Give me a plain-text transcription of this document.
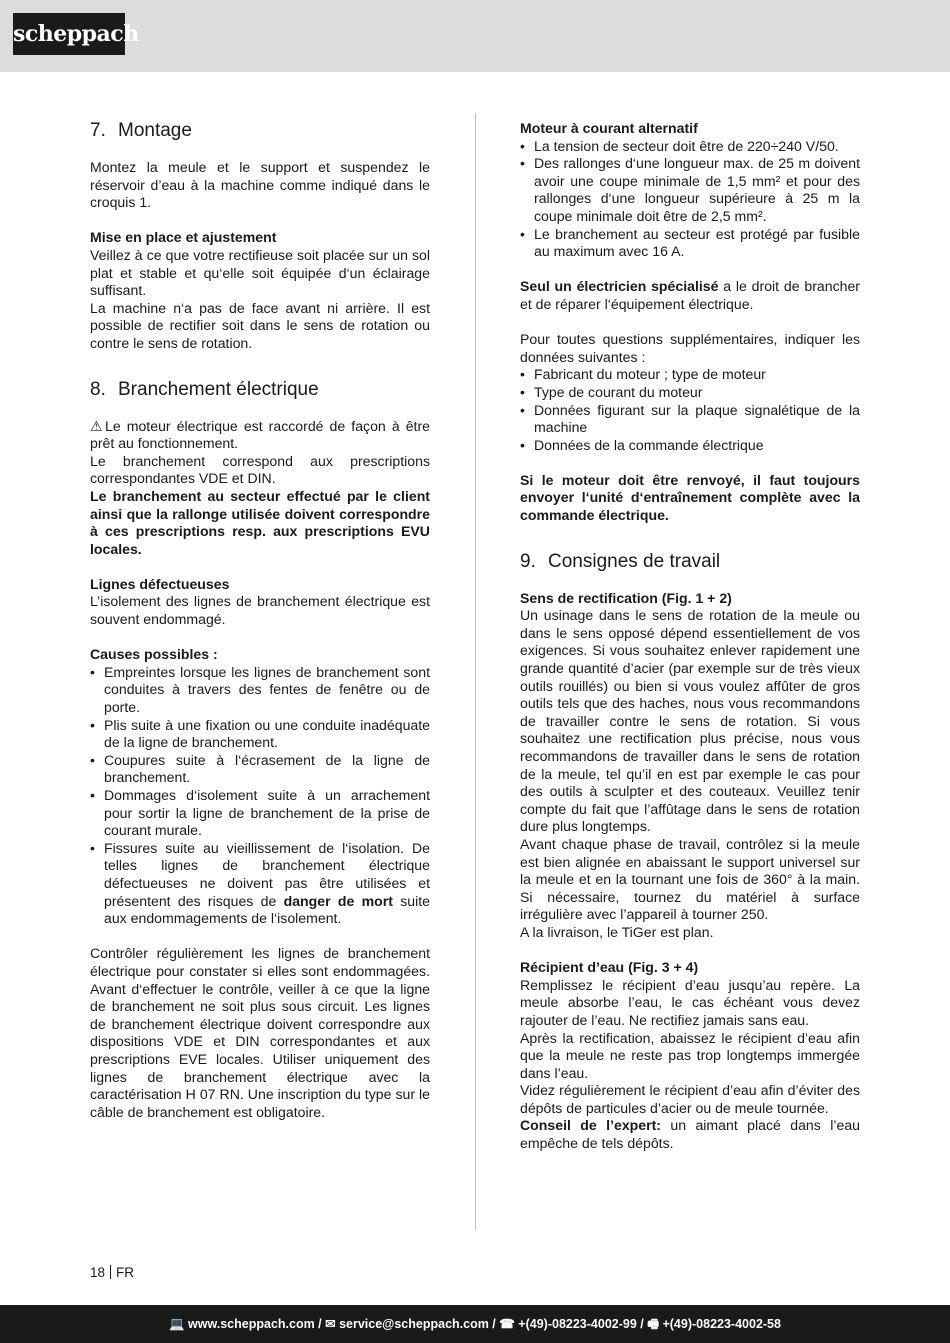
scheppach
7. Montage

Montez la meule et le support et suspendez le réservoir d’eau à la machine comme indiqué dans le croquis 1.

Mise en place et ajustement

Veillez à ce que votre rectifieuse soit placée sur un sol plat et stable et qu‘elle soit équipée d‘un éclairage suffisant.

La machine n‘a pas de face avant ni arrière. Il est possible de rectifier soit dans le sens de rotation ou contre le sens de rotation.

8. Branchement électrique

⚠ Le moteur électrique est raccordé de façon à être prêt au fonctionnement.

Le branchement correspond aux prescriptions correspondantes VDE et DIN.

Le branchement au secteur effectué par le client ainsi que la rallonge utilisée doivent correspondre à ces prescriptions resp. aux prescriptions EVU locales.

Lignes défectueuses

L’isolement des lignes de branchement électrique est souvent endommagé.

Causes possibles :

• Empreintes lorsque les lignes de branchement sont conduites à travers des fentes de fenêtre ou de porte.
• Plis suite à une fixation ou une conduite inadéquate de la ligne de branchement.
• Coupures suite à l‘écrasement de la ligne de branchement.
• Dommages d‘isolement suite à un arrachement pour sortir la ligne de branchement de la prise de courant murale.
• Fissures suite au vieillissement de l‘isolation. De telles lignes de branchement électrique défectueuses ne doivent pas être utilisées et présentent des risques de danger de mort suite aux endommagements de l‘isolement.

Contrôler régulièrement les lignes de branchement électrique pour constater si elles sont endommagées. Avant d‘effectuer le contrôle, veiller à ce que la ligne de branchement ne soit plus sous circuit. Les lignes de branchement électrique doivent correspondre aux dispositions VDE et DIN correspondantes et aux prescriptions EVE locales. Utiliser uniquement des lignes de branchement électrique avec la caractérisation H 07 RN. Une inscription du type sur le câble de branchement est obligatoire.

Moteur à courant alternatif

• La tension de secteur doit être de 220÷240 V/50.
• Des rallonges d‘une longueur max. de 25 m doivent avoir une coupe minimale de 1,5 mm² et pour des rallonges d‘une longueur supérieure à 25 m la coupe minimale doit être de 2,5 mm².
• Le branchement au secteur est protégé par fusible au maximum avec 16 A.

Seul un électricien spécialisé a le droit de brancher et de réparer l‘équipement électrique.

Pour toutes questions supplémentaires, indiquer les données suivantes :

• Fabricant du moteur ; type de moteur
• Type de courant du moteur
• Données figurant sur la plaque signalétique de la machine
• Données de la commande électrique

Si le moteur doit être renvoyé, il faut toujours envoyer l‘unité d‘entraînement complète avec la commande électrique.

9. Consignes de travail

Sens de rectification (Fig. 1 + 2)

Un usinage dans le sens de rotation de la meule ou dans le sens opposé dépend essentiellement de vos exigences. Si vous souhaitez enlever rapidement une grande quantité d’acier (par exemple sur de très vieux outils rouillés) ou bien si vous voulez affûter de gros outils tels que des haches, nous vous recommandons de travailler contre le sens de rotation. Si vous souhaitez une rectification plus précise, nous vous recommandons de travailler dans le sens de rotation de la meule, tel qu’il en est par exemple le cas pour des outils à sculpter et des couteaux. Veuillez tenir compte du fait que l’affûtage dans le sens de rotation dure plus longtemps.

Avant chaque phase de travail, contrôlez si la meule est bien alignée en abaissant le support universel sur la meule et en la tournant une fois de 360° à la main. Si nécessaire, tournez du matériel à surface irrégulière avec l’appareil à tourner 250.

A la livraison, le TiGer est plan.

Récipient d’eau (Fig. 3 + 4)

Remplissez le récipient d’eau jusqu’au repère. La meule absorbe l’eau, le cas échéant vous devez rajouter de l’eau. Ne rectifiez jamais sans eau.

Après la rectification, abaissez le récipient d’eau afin que la meule ne reste pas trop longtemps immergée dans l’eau.

Videz régulièrement le récipient d’eau afin d’éviter des dépôts de particules d’acier ou de meule tournée.

Conseil de l’expert: un aimant placé dans l’eau empêche de tels dépôts.

18 FR
💻 www.scheppach.com / ✉ service@scheppach.com / ☎ +(49)-08223-4002-99 / 🖷 +(49)-08223-4002-58
